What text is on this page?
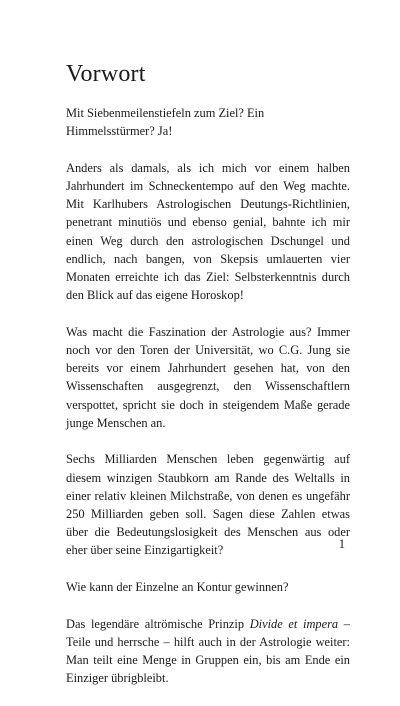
Vorwort

Mit Siebenmeilenstiefeln zum Ziel? Ein Himmelsstürmer? Ja!

Anders als damals, als ich mich vor einem halben Jahrhundert im Schneckentempo auf den Weg machte. Mit Karlhubers Astrologischen Deutungs-Richtlinien, penetrant minutiös und ebenso genial, bahnte ich mir einen Weg durch den astrologischen Dschungel und endlich, nach bangen, von Skepsis umlauerten vier Monaten erreichte ich das Ziel: Selbsterkenntnis durch den Blick auf das eigene Horoskop!

Was macht die Faszination der Astrologie aus? Immer noch vor den Toren der Universität, wo C.G. Jung sie bereits vor einem Jahrhundert gesehen hat, von den Wissenschaften ausgegrenzt, den Wissenschaftlern verspottet, spricht sie doch in steigendem Maße gerade junge Menschen an.

Sechs Milliarden Menschen leben gegenwärtig auf diesem winzigen Staubkorn am Rande des Weltalls in einer relativ kleinen Milchstraße, von denen es ungefähr 250 Milliarden geben soll. Sagen diese Zahlen etwas über die Bedeutungslosigkeit des Menschen aus oder eher über seine Einzigartigkeit?

Wie kann der Einzelne an Kontur gewinnen?

Das legendäre altrömische Prinzip Divide et impera –Teile und herrsche – hilft auch in der Astrologie weiter: Man teilt eine Menge in Gruppen ein, bis am Ende ein Einziger übrigbleibt.

1
